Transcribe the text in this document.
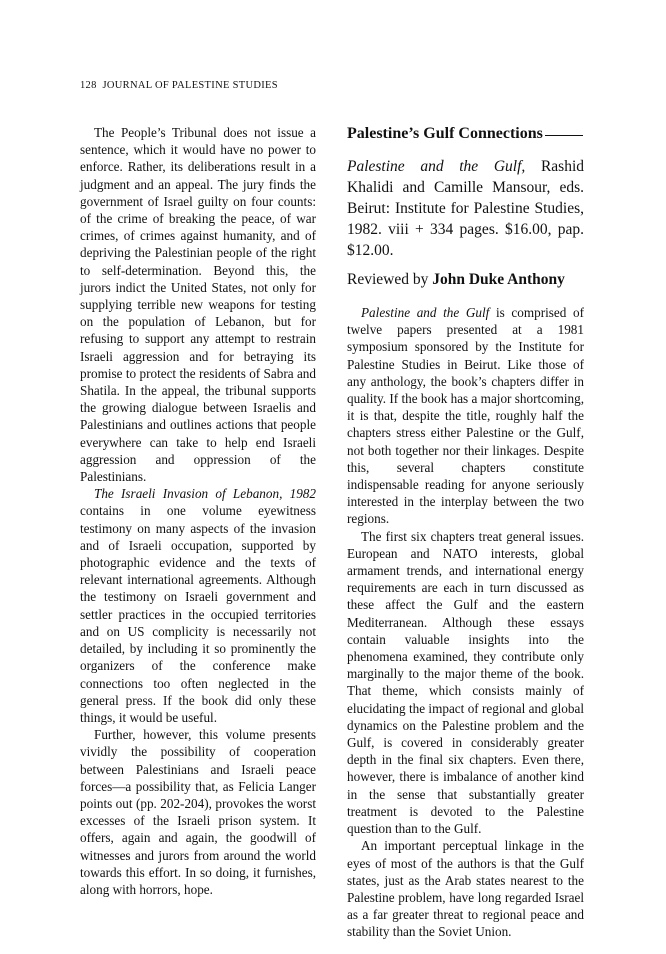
128 JOURNAL OF PALESTINE STUDIES

The People’s Tribunal does not issue a sentence, which it would have no power to enforce. Rather, its deliberations result in a judgment and an appeal. The jury finds the government of Israel guilty on four counts: of the crime of breaking the peace, of war crimes, of crimes against humanity, and of depriving the Palestinian people of the right to self-determination. Beyond this, the jurors indict the United States, not only for supplying terrible new weapons for testing on the population of Lebanon, but for refusing to support any attempt to restrain Israeli aggression and for betraying its promise to protect the residents of Sabra and Shatila. In the appeal, the tribunal supports the growing dialogue between Israelis and Palestinians and outlines actions that people everywhere can take to help end Israeli aggression and oppression of the Palestinians.

The Israeli Invasion of Lebanon, 1982 contains in one volume eyewitness testimony on many aspects of the invasion and of Israeli occupation, supported by photographic evidence and the texts of relevant international agreements. Although the testimony on Israeli government and settler practices in the occupied territories and on US complicity is necessarily not detailed, by including it so prominently the organizers of the conference make connections too often neglected in the general press. If the book did only these things, it would be useful.

Further, however, this volume presents vividly the possibility of cooperation between Palestinians and Israeli peace forces—a possibility that, as Felicia Langer points out (pp. 202-204), provokes the worst excesses of the Israeli prison system. It offers, again and again, the goodwill of witnesses and jurors from around the world towards this effort. In so doing, it furnishes, along with horrors, hope.

Palestine’s Gulf Connections
Palestine and the Gulf, Rashid Khalidi and Camille Mansour, eds. Beirut: Institute for Palestine Studies, 1982. viii + 334 pages. $16.00, pap. $12.00.
Reviewed by John Duke Anthony

Palestine and the Gulf is comprised of twelve papers presented at a 1981 symposium sponsored by the Institute for Palestine Studies in Beirut. Like those of any anthology, the book’s chapters differ in quality. If the book has a major shortcoming, it is that, despite the title, roughly half the chapters stress either Palestine or the Gulf, not both together nor their linkages. Despite this, several chapters constitute indispensable reading for anyone seriously interested in the interplay between the two regions.

The first six chapters treat general issues. European and NATO interests, global armament trends, and international energy requirements are each in turn discussed as these affect the Gulf and the eastern Mediterranean. Although these essays contain valuable insights into the phenomena examined, they contribute only marginally to the major theme of the book. That theme, which consists mainly of elucidating the impact of regional and global dynamics on the Palestine problem and the Gulf, is covered in considerably greater depth in the final six chapters. Even there, however, there is imbalance of another kind in the sense that substantially greater treatment is devoted to the Palestine question than to the Gulf.

An important perceptual linkage in the eyes of most of the authors is that the Gulf states, just as the Arab states nearest to the Palestine problem, have long regarded Israel as a far greater threat to regional peace and stability than the Soviet Union.
